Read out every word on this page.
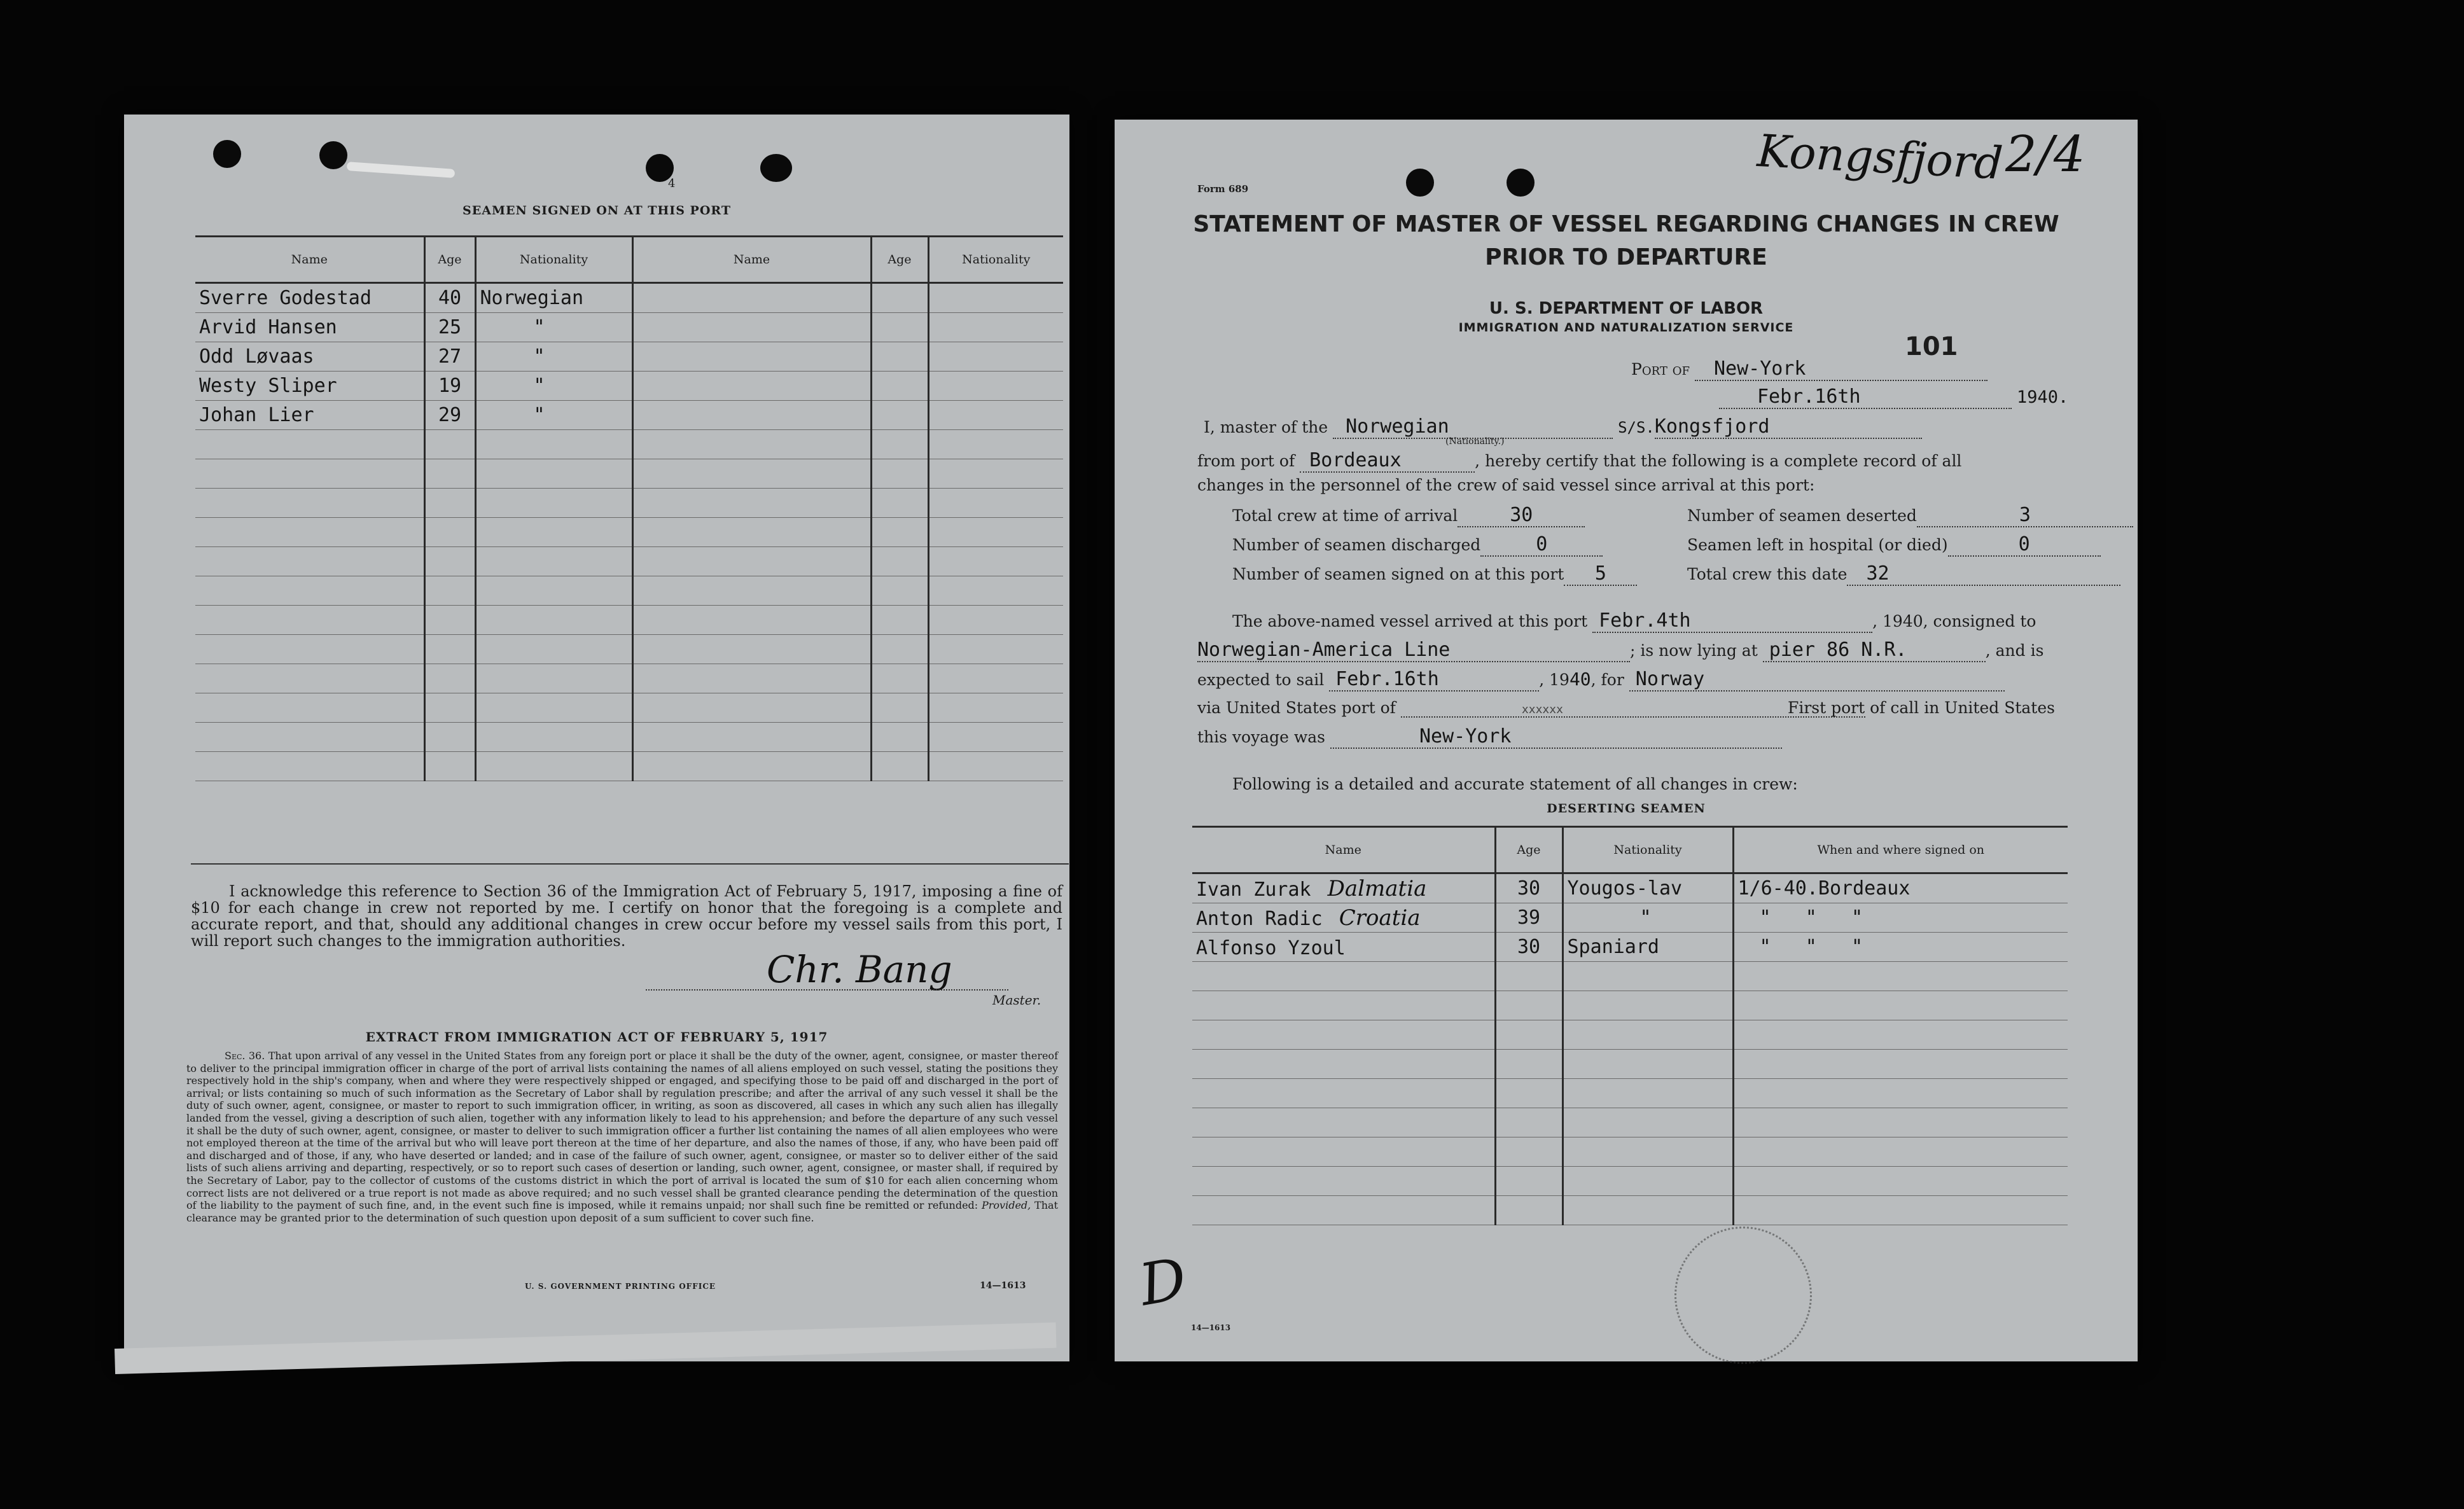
4
SEAMEN SIGNED ON AT THIS PORT
Name	Age	Nationality	Name	Age	Nationality
Sverre Godestad	40	Norwegian			
Arvid Hansen	25	"			
Odd Løvaas	27	"			
Westy Sliper	19	"			
Johan Lier	29	"			

I acknowledge this reference to Section 36 of the Immigration Act of February 5, 1917, imposing a fine of $10 for each change in crew not reported by me. I certify on honor that the foregoing is a complete and accurate report, and that, should any additional changes in crew occur before my vessel sails from this port, I will report such changes to the immigration authorities.
Chr. Bang
Master.
EXTRACT FROM IMMIGRATION ACT OF FEBRUARY 5, 1917
Sec. 36. That upon arrival of any vessel in the United States from any foreign port or place it shall be the duty of the owner, agent, consignee, or master thereof to deliver to the principal immigration officer in charge of the port of arrival lists containing the names of all aliens employed on such vessel, stating the positions they respectively hold in the ship's company, when and where they were respectively shipped or engaged, and specifying those to be paid off and discharged in the port of arrival; or lists containing so much of such information as the Secretary of Labor shall by regulation prescribe; and after the arrival of any such vessel it shall be the duty of such owner, agent, consignee, or master to report to such immigration officer, in writing, as soon as discovered, all cases in which any such alien has illegally landed from the vessel, giving a description of such alien, together with any information likely to lead to his apprehension; and before the departure of any such vessel it shall be the duty of such owner, agent, consignee, or master to deliver to such immigration officer a further list containing the names of all alien employees who were not employed thereon at the time of the arrival but who will leave port thereon at the time of her departure, and also the names of those, if any, who have been paid off and discharged and of those, if any, who have deserted or landed; and in case of the failure of such owner, agent, consignee, or master so to deliver either of the said lists of such aliens arriving and departing, respectively, or so to report such cases of desertion or landing, such owner, agent, consignee, or master shall, if required by the Secretary of Labor, pay to the collector of customs of the customs district in which the port of arrival is located the sum of $10 for each alien concerning whom correct lists are not delivered or a true report is not made as above required; and no such vessel shall be granted clearance pending the determination of the question of the liability to the payment of such fine, and, in the event such fine is imposed, while it remains unpaid; nor shall such fine be remitted or refunded: Provided, That clearance may be granted prior to the determination of such question upon deposit of a sum sufficient to cover such fine.
U. S. GOVERNMENT PRINTING OFFICE	14—1613
Form 689	Kongsfjord 2/4
STATEMENT OF MASTER OF VESSEL REGARDING CHANGES IN CREW
PRIOR TO DEPARTURE
U. S. DEPARTMENT OF LABOR
IMMIGRATION AND NATURALIZATION SERVICE
101
Port of New-York
Febr.16th	1940.
I, master of the Norwegian	S/S.Kongsfjord
(Nationality.)
from port of Bordeaux	, hereby certify that the following is a complete record of all
changes in the personnel of the crew of said vessel since arrival at this port:
Total crew at time of arrival	30	Number of seamen deserted	3
Number of seamen discharged	0	Seamen left in hospital (or died)	0
Number of seamen signed on at this port 5	Total crew this date 32
The above-named vessel arrived at this port Febr.4th	, 1940, consigned to
Norwegian-America Line	; is now lying at pier 86 N.R.	, and is
expected to sail Febr.16th	, 1940, for Norway
via United States port of	xxxxxx	First port of call in United States
this voyage was	New-York
Following is a detailed and accurate statement of all changes in crew:
DESERTING SEAMEN
Name	Age	Nationality	When and where signed on
Ivan Zurak Dalmatia	30	Yougos-lav	1/6-40.Bordeaux
Anton Radic Croatia	39	"	"   "   "
Alfonso Yzoul	30	Spaniard	"   "   "

14—1613
D
